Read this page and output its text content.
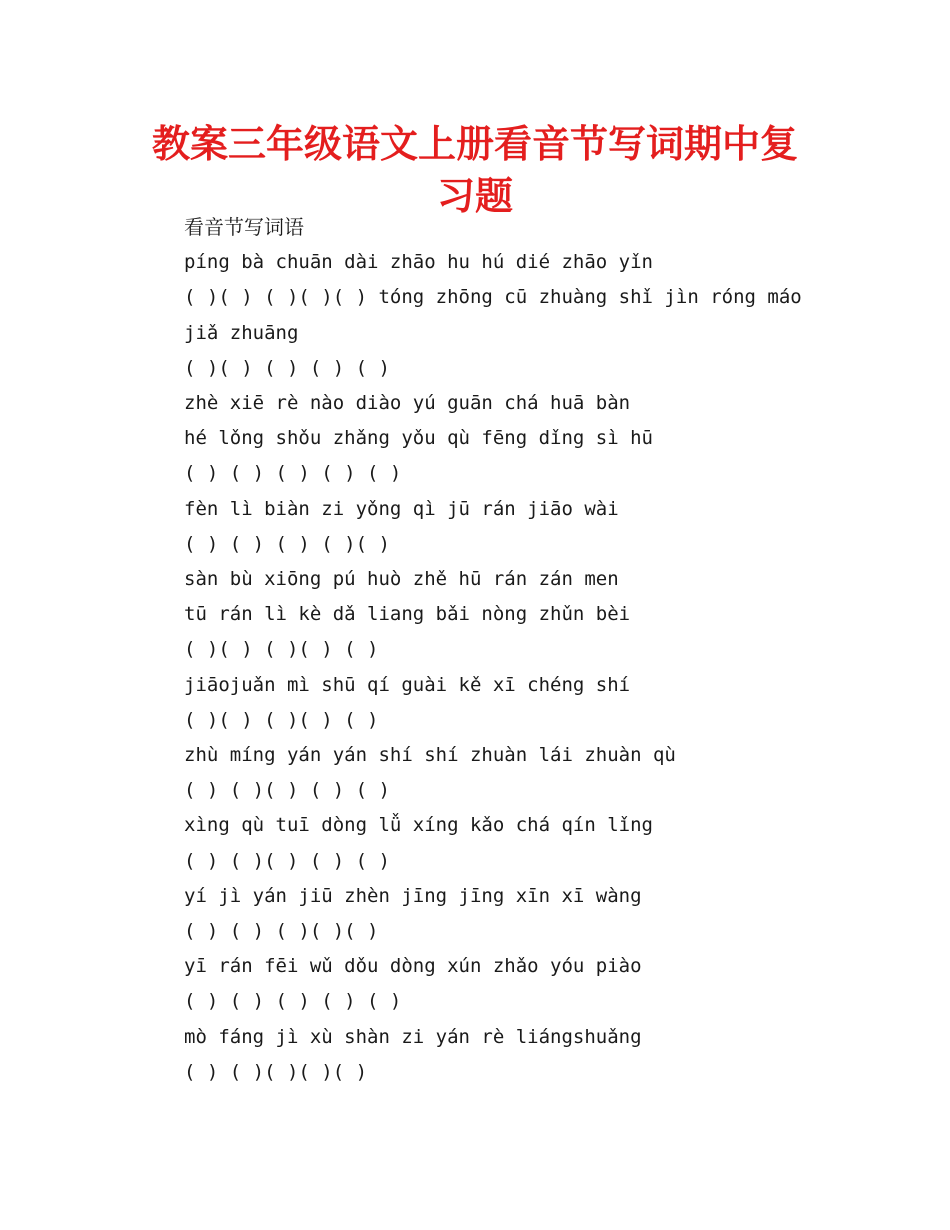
教案三年级语文上册看音节写词期中复习题
看音节写词语
píng bà chuān dài zhāo hu hú dié zhāo yǐn
( )( ) ( )( )( ) tóng zhōng cū zhuàng shǐ jìn róng máo jiǎ zhuāng
( )( ) ( ) ( ) ( )
zhè xiē rè nào diào yú guān chá huā bàn
hé lǒng shǒu zhǎng yǒu qù fēng dǐng sì hū
( ) ( ) ( ) ( ) ( )
fèn lì biàn zi yǒng qì jū rán jiāo wài
( ) ( ) ( ) ( )( )
sàn bù xiōng pú huò zhě hū rán zán men
tū rán lì kè dǎ liang bǎi nòng zhǔn bèi
( )( ) ( )( ) ( )
jiāojuǎn mì shū qí guài kě xī chéng shí
( )( ) ( )( ) ( )
zhù míng yán yán shí shí zhuàn lái zhuàn qù
( ) ( )( ) ( ) ( )
xìng qù tuī dòng lǚ xíng kǎo chá qín lǐng
( ) ( )( ) ( ) ( )
yí jì yán jiū zhèn jīng jīng xīn xī wàng
( ) ( ) ( )( )( )
yī rán fēi wǔ dǒu dòng xún zhǎo yóu piào
( ) ( ) ( ) ( ) ( )
mò fáng jì xù shàn zi yán rè liángshuǎng
( ) ( )( )( )( )
